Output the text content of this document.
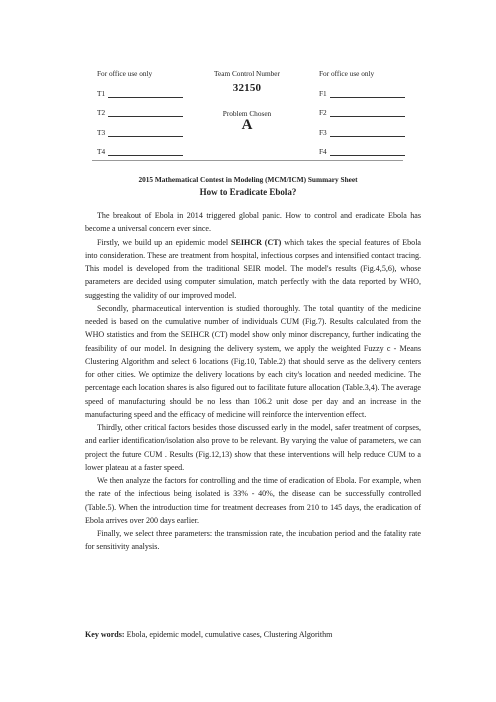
For office use only
T1
T2
T3
T4
Team Control Number
32150
Problem Chosen
A
For office use only
F1
F2
F3
F4
2015 Mathematical Contest in Modeling (MCM/ICM) Summary Sheet
How to Eradicate Ebola?

The breakout of Ebola in 2014 triggered global panic. How to control and eradicate Ebola has become a universal concern ever since.

Firstly, we build up an epidemic model SEIHCR (CT) which takes the special features of Ebola into consideration. These are treatment from hospital, infectious corpses and intensified contact tracing. This model is developed from the traditional SEIR model. The model's results (Fig.4,5,6), whose parameters are decided using computer simulation, match perfectly with the data reported by WHO, suggesting the validity of our improved model.

Secondly, pharmaceutical intervention is studied thoroughly. The total quantity of the medicine needed is based on the cumulative number of individuals CUM (Fig.7). Results calculated from the WHO statistics and from the SEIHCR (CT) model show only minor discrepancy, further indicating the feasibility of our model. In designing the delivery system, we apply the weighted Fuzzy c - Means Clustering Algorithm and select 6 locations (Fig.10, Table.2) that should serve as the delivery centers for other cities. We optimize the delivery locations by each city's location and needed medicine. The percentage each location shares is also figured out to facilitate future allocation (Table.3,4). The average speed of manufacturing should be no less than 106.2 unit dose per day and an increase in the manufacturing speed and the efficacy of medicine will reinforce the intervention effect.

Thirdly, other critical factors besides those discussed early in the model, safer treatment of corpses, and earlier identification/isolation also prove to be relevant. By varying the value of parameters, we can project the future CUM . Results (Fig.12,13) show that these interventions will help reduce CUM to a lower plateau at a faster speed.

We then analyze the factors for controlling and the time of eradication of Ebola. For example, when the rate of the infectious being isolated is 33% - 40%, the disease can be successfully controlled (Table.5). When the introduction time for treatment decreases from 210 to 145 days, the eradication of Ebola arrives over 200 days earlier.

Finally, we select three parameters: the transmission rate, the incubation period and the fatality rate for sensitivity analysis.

Key words: Ebola, epidemic model, cumulative cases, Clustering Algorithm
